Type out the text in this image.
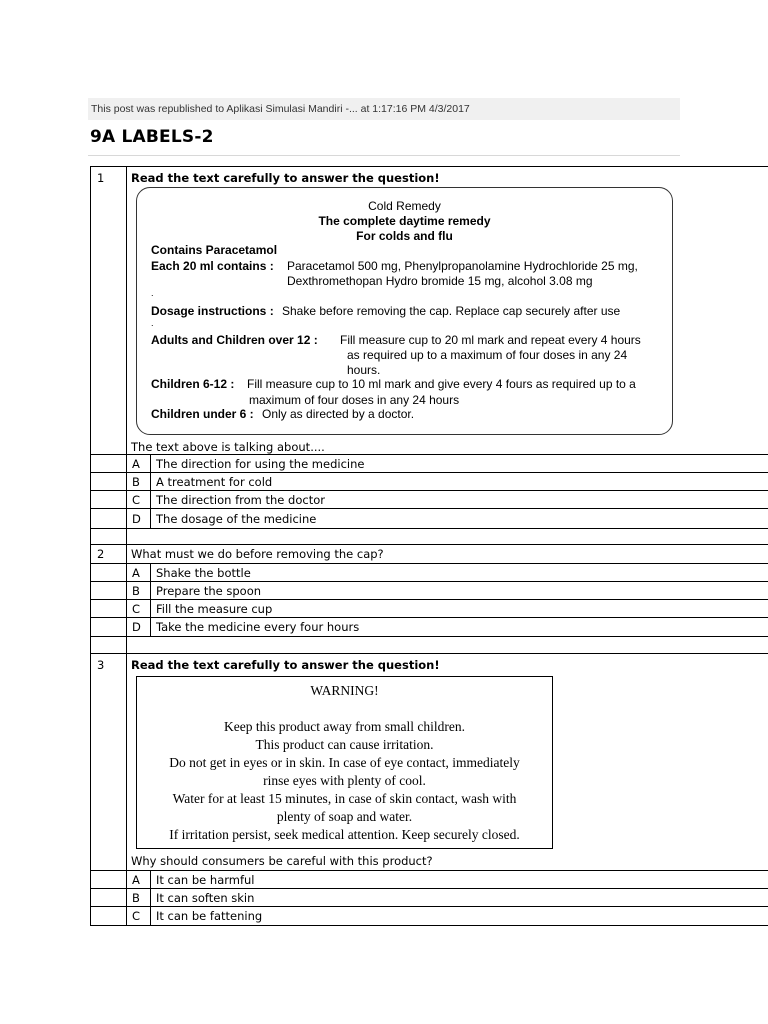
This post was republished to Aplikasi Simulasi Mandiri -... at 1:17:16 PM 4/3/2017
9A LABELS-2
1	Read the text carefully to answer the question!
The text above is talking about....
A	The direction for using the medicine
B	A treatment for cold
C	The direction from the doctor
D	The dosage of the medicine
2	What must we do before removing the cap?
A	Shake the bottle
B	Prepare the spoon
C	Fill the measure cup
D	Take the medicine every four hours
3	Read the text carefully to answer the question!
Why should consumers be careful with this product?
A	It can be harmful
B	It can soften skin
C	It can be fattening
Cold Remedy
The complete daytime remedy
For colds and flu
Contains Paracetamol
Each 20 ml contains : Paracetamol 500 mg, Phenylpropanolamine Hydrochloride 25 mg,
Dexthromethopan Hydro bromide 15 mg, alcohol 3.08 mg
.
Dosage instructions : Shake before removing the cap. Replace cap securely after use
.
Adults and Children over 12 : Fill measure cup to 20 ml mark and repeat every 4 hours
as required up to a maximum of four doses in any 24
hours.
Children 6-12 : Fill measure cup to 10 ml mark and give every 4 fours as required up to a
maximum of four doses in any 24 hours
Children under 6 : Only as directed by a doctor.
WARNING!
Keep this product away from small children.
This product can cause irritation.
Do not get in eyes or in skin. In case of eye contact, immediately
rinse eyes with plenty of cool.
Water for at least 15 minutes, in case of skin contact, wash with
plenty of soap and water.
If irritation persist, seek medical attention. Keep securely closed.
